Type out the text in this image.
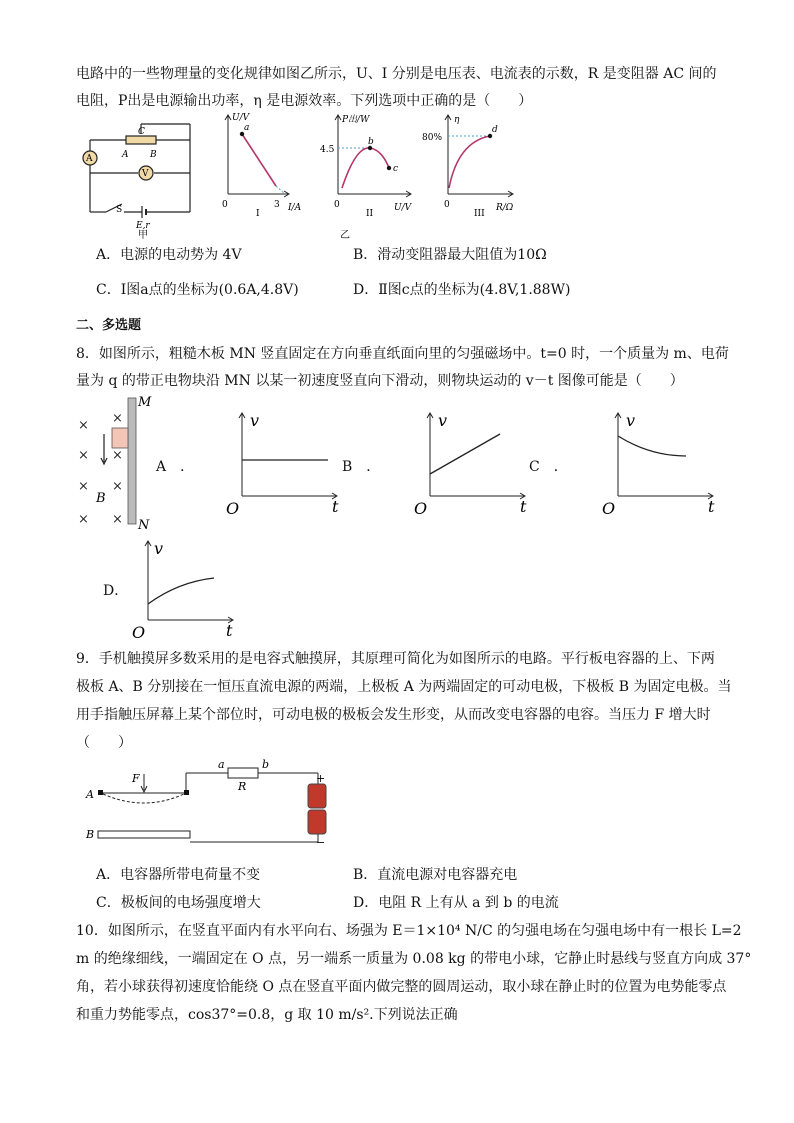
电路中的一些物理量的变化规律如图乙所示，U、I 分别是电压表、电流表的示数，R 是变阻器 AC 间的
电阻，P出是电源输出功率，η 是电源效率。下列选项中正确的是（　　）
C
A B
A
V
S
E,r
甲
a
U/V
I/A
0	3
I
b
c
4.5
P出/W
U/V
0
II
乙
d
80%
η
R/Ω
0
III
A．电源的电动势为 4V	B．滑动变阻器最大阻值为10Ω
C．Ⅰ图a点的坐标为(0.6A,4.8V)	D．Ⅱ图c点的坐标为(4.8V,1.88W)
二、多选题
8．如图所示，粗糙木板 MN 竖直固定在方向垂直纸面向里的匀强磁场中。t=0 时，一个质量为 m、电荷
量为 q 的带正电物块沿 MN 以某一初速度竖直向下滑动，则物块运动的 v－t 图像可能是（　　）
× ×
× ×
× ×
× ×
M
N
B
A　．	B　．	C　．
D．
v
t
O
v
t
O
v
t
O
v
t
O
9．手机触摸屏多数采用的是电容式触摸屏，其原理可简化为如图所示的电路。平行板电容器的上、下两
极板 A、B 分别接在一恒压直流电源的两端，上极板 A 为两端固定的可动电极，下极板 B 为固定电极。当
用手指触压屏幕上某个部位时，可动电极的极板会发生形变，从而改变电容器的电容。当压力 F 增大时
（　　）
A
B
F
a	b
R
+
−
A．电容器所带电荷量不变	B．直流电源对电容器充电
C．极板间的电场强度增大	D．电阻 R 上有从 a 到 b 的电流
10．如图所示，在竖直平面内有水平向右、场强为 E＝1×10⁴ N/C 的匀强电场在匀强电场中有一根长 L=2
m 的绝缘细线，一端固定在 O 点，另一端系一质量为 0.08 kg 的带电小球，它静止时悬线与竖直方向成 37°
角，若小球获得初速度恰能绕 O 点在竖直平面内做完整的圆周运动，取小球在静止时的位置为电势能零点
和重力势能零点，cos37°=0.8，g 取 10 m/s².下列说法正确
